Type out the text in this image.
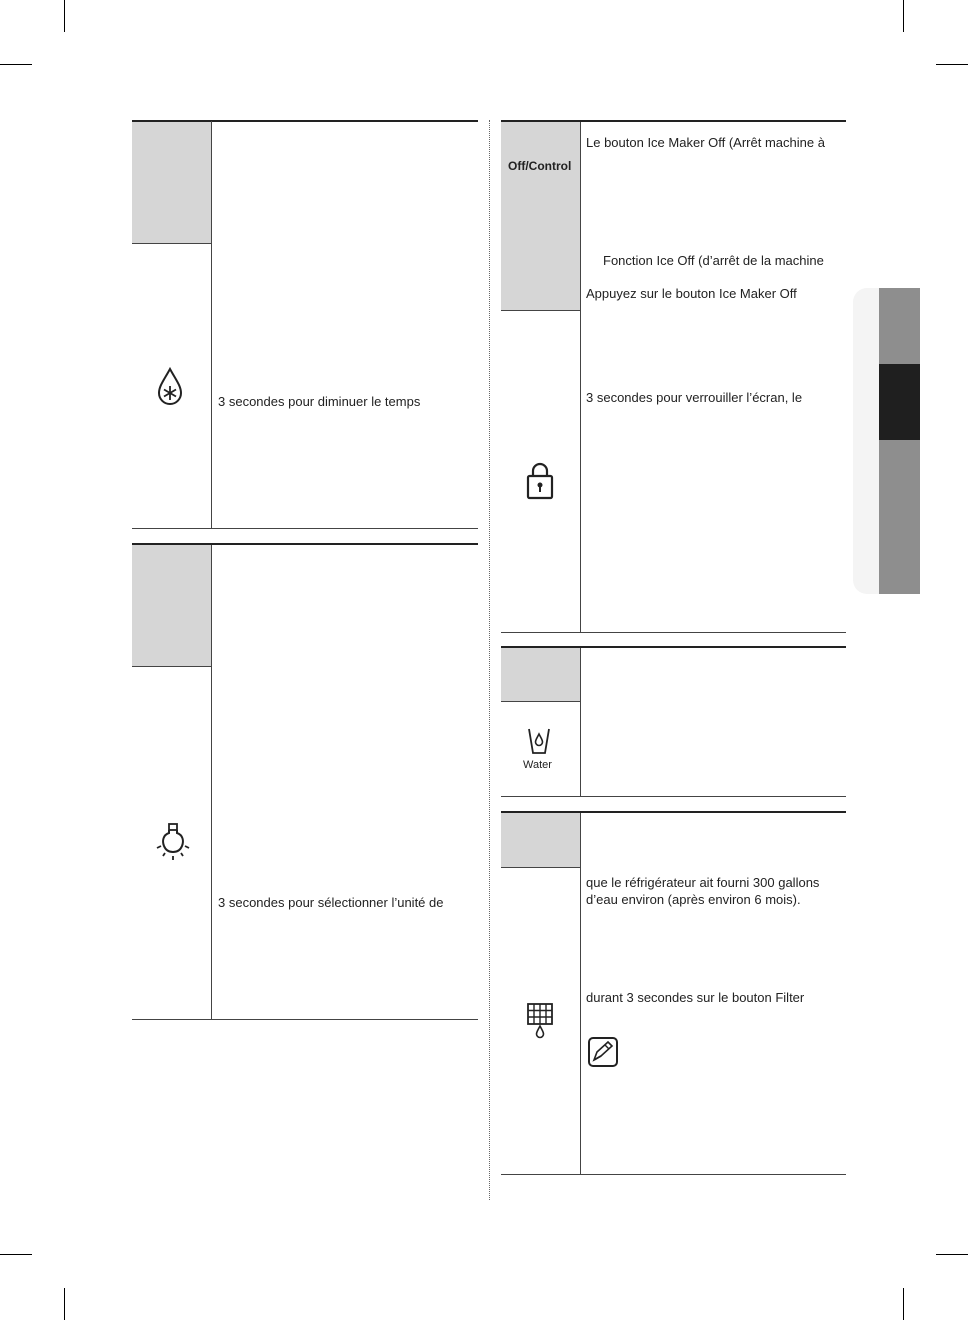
3 secondes pour diminuer le temps
3 secondes pour sélectionner l’unité de
Off/Control
Le bouton Ice Maker Off (Arrêt machine à
Fonction Ice Off (d’arrêt de la machine
Appuyez sur le bouton Ice Maker Off
3 secondes pour verrouiller l’écran, le
Water
que le réfrigérateur ait fourni 300 gallons
d’eau environ (après environ 6 mois).
durant 3 secondes sur le bouton Filter
